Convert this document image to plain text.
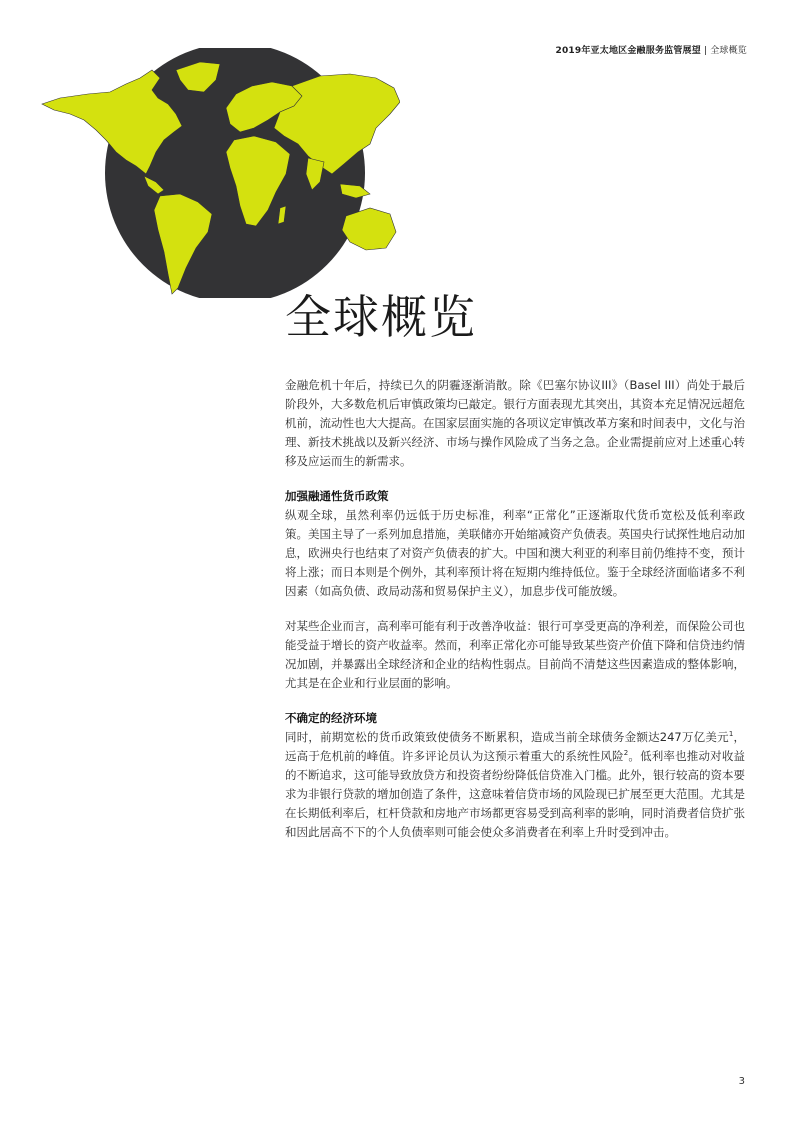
2019年亚太地区金融服务监管展望 | 全球概览
全球概览

金融危机十年后，持续已久的阴霾逐渐消散。除《巴塞尔协议III》（Basel III）尚处于最后阶段外，大多数危机后审慎政策均已敲定。银行方面表现尤其突出，其资本充足情况远超危机前，流动性也大大提高。在国家层面实施的各项议定审慎改革方案和时间表中，文化与治理、新技术挑战以及新兴经济、市场与操作风险成了当务之急。企业需提前应对上述重心转移及应运而生的新需求。

加强融通性货币政策

纵观全球，虽然利率仍远低于历史标准，利率“正常化”正逐渐取代货币宽松及低利率政策。美国主导了一系列加息措施，美联储亦开始缩减资产负债表。英国央行试探性地启动加息，欧洲央行也结束了对资产负债表的扩大。中国和澳大利亚的利率目前仍维持不变，预计将上涨；而日本则是个例外，其利率预计将在短期内维持低位。鉴于全球经济面临诸多不利因素（如高负债、政局动荡和贸易保护主义），加息步伐可能放缓。

对某些企业而言，高利率可能有利于改善净收益：银行可享受更高的净利差，而保险公司也能受益于增长的资产收益率。然而，利率正常化亦可能导致某些资产价值下降和信贷违约情况加剧，并暴露出全球经济和企业的结构性弱点。目前尚不清楚这些因素造成的整体影响，尤其是在企业和行业层面的影响。

不确定的经济环境

同时，前期宽松的货币政策致使债务不断累积，造成当前全球债务金额达247万亿美元$^1$，远高于危机前的峰值。许多评论员认为这预示着重大的系统性风险$^2$。低利率也推动对收益的不断追求，这可能导致放贷方和投资者纷纷降低信贷准入门槛。此外，银行较高的资本要求为非银行贷款的增加创造了条件，这意味着信贷市场的风险现已扩展至更大范围。尤其是在长期低利率后，杠杆贷款和房地产市场都更容易受到高利率的影响，同时消费者信贷扩张和因此居高不下的个人负债率则可能会使众多消费者在利率上升时受到冲击。

3
